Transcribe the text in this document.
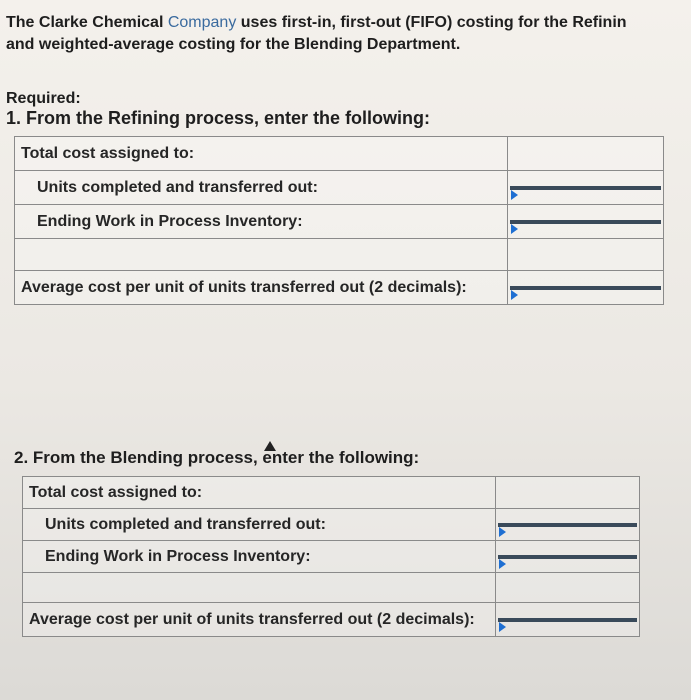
The Clarke Chemical Company uses first-in, first-out (FIFO) costing for the Refinin
and weighted-average costing for the Blending Department.
Required:
1. From the Refining process, enter the following:
Total cost assigned to:	
Units completed and transferred out:	

Ending Work in Process Inventory:	

Average cost per unit of units transferred out (2 decimals):	
2. From the Blending process, enter the following:
Total cost assigned to:	
Units completed and transferred out:	

Ending Work in Process Inventory:	

Average cost per unit of units transferred out (2 decimals):	
